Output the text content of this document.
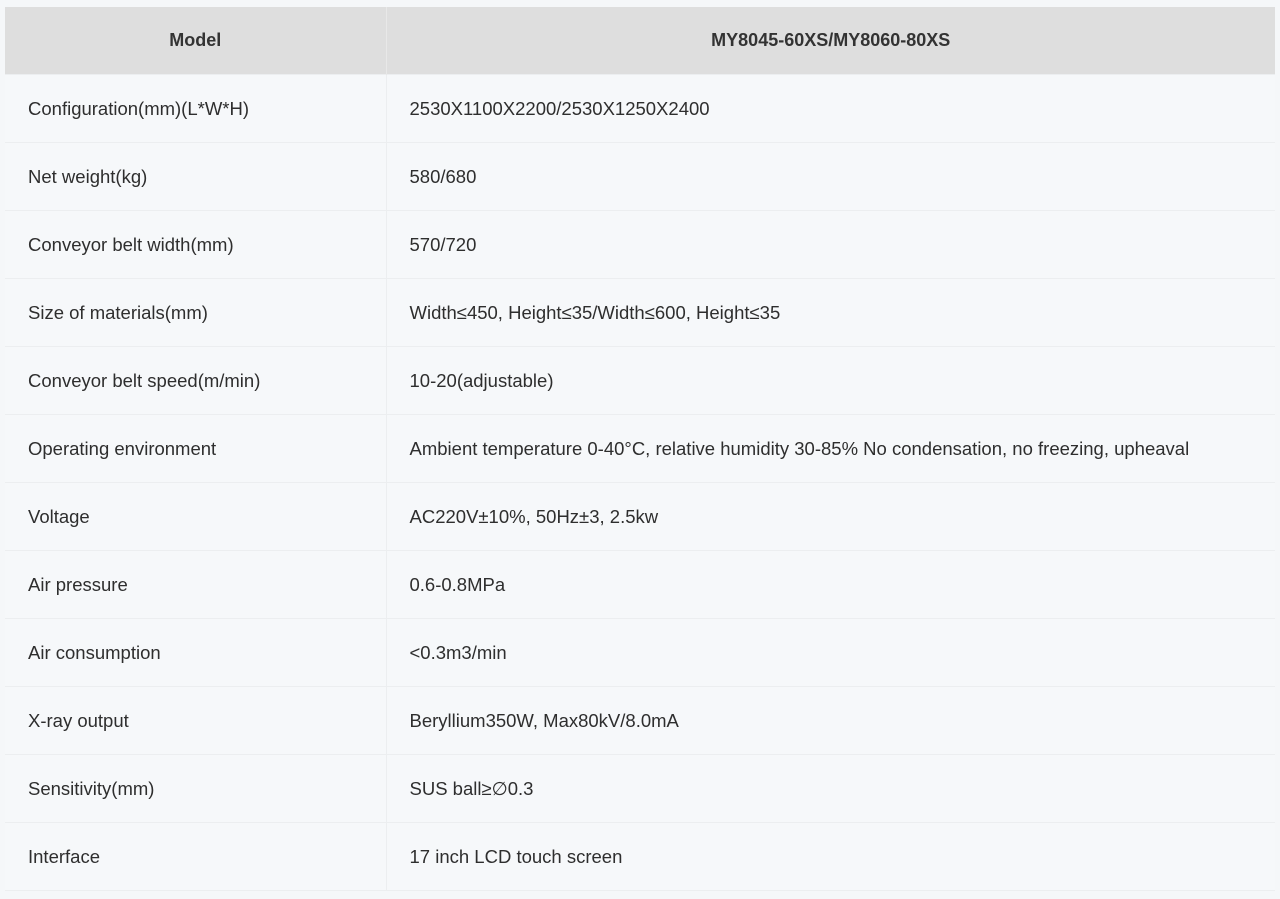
Model	MY8045-60XS/MY8060-80XS
Configuration(mm)(L*W*H)	2530X1100X2200/2530X1250X2400
Net weight(kg)	580/680
Conveyor belt width(mm)	570/720
Size of materials(mm)	Width≤450, Height≤35/Width≤600, Height≤35
Conveyor belt speed(m/min)	10-20(adjustable)
Operating environment	Ambient temperature 0-40°C, relative humidity 30-85% No condensation, no freezing, upheaval
Voltage	AC220V±10%, 50Hz±3, 2.5kw
Air pressure	0.6-0.8MPa
Air consumption	<0.3m3/min
X-ray output	Beryllium350W, Max80kV/8.0mA
Sensitivity(mm)	SUS ball≥∅0.3
Interface	17 inch LCD touch screen
